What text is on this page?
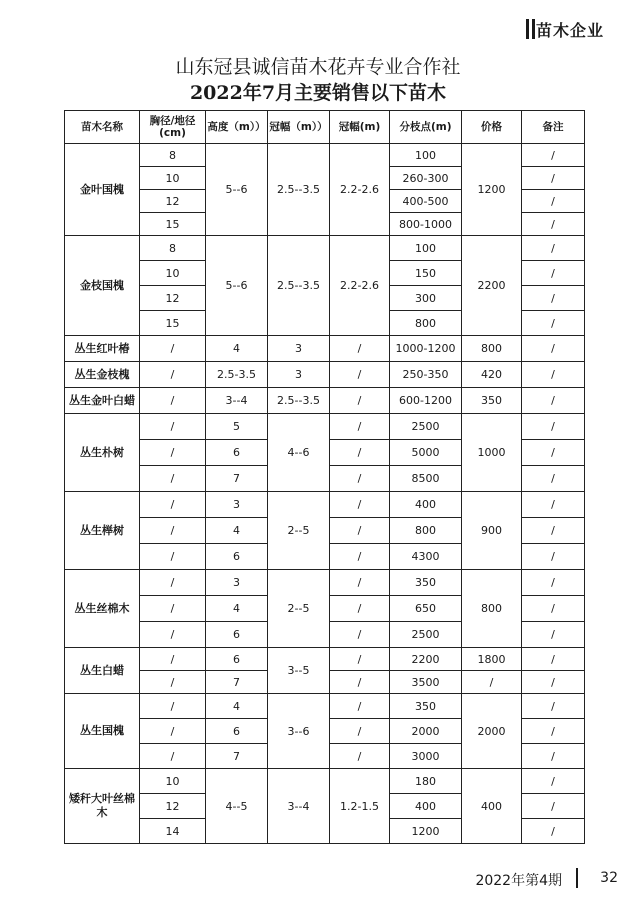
苗木企业
山东冠县诚信苗木花卉专业合作社
2022年7月主要销售以下苗木
苗木名称	胸径/地径(cm)	高度（m））	冠幅（m））	冠幅(m)	分枝点(m)	价格	备注
金叶国槐	8	5--6	2.5--3.5	2.2-2.6	100	1200	/
	10				260-300		/
	12				400-500		/
	15				800-1000		/
金枝国槐	8	5--6	2.5--3.5	2.2-2.6	100	2200	/
	10				150		/
	12				300		/
	15				800		/
丛生红叶椿	/	4	3	/	1000-1200	800	/
丛生金枝槐	/	2.5-3.5	3	/	250-350	420	/
丛生金叶白蜡	/	3--4	2.5--3.5	/	600-1200	350	/
丛生朴树	/	5	4--6	/	2500	1000	/
	/	6		/	5000		/
	/	7		/	8500		/
丛生榉树	/	3	2--5	/	400	900	/
	/	4		/	800		/
	/	6		/	4300		/
丛生丝棉木	/	3	2--5	/	350	800	/
	/	4		/	650		/
	/	6		/	2500		/
丛生白蜡	/	6	3--5	/	2200	1800	/
	/	7		/	3500	/	/
丛生国槐	/	4	3--6	/	350	2000	/
	/	6		/	2000		/
	/	7		/	3000		/
矮秆大叶丝棉木	10	4--5	3--4	1.2-1.5	180	400	/
	12				400		/
	14				1200		/
2022年第4期	32
